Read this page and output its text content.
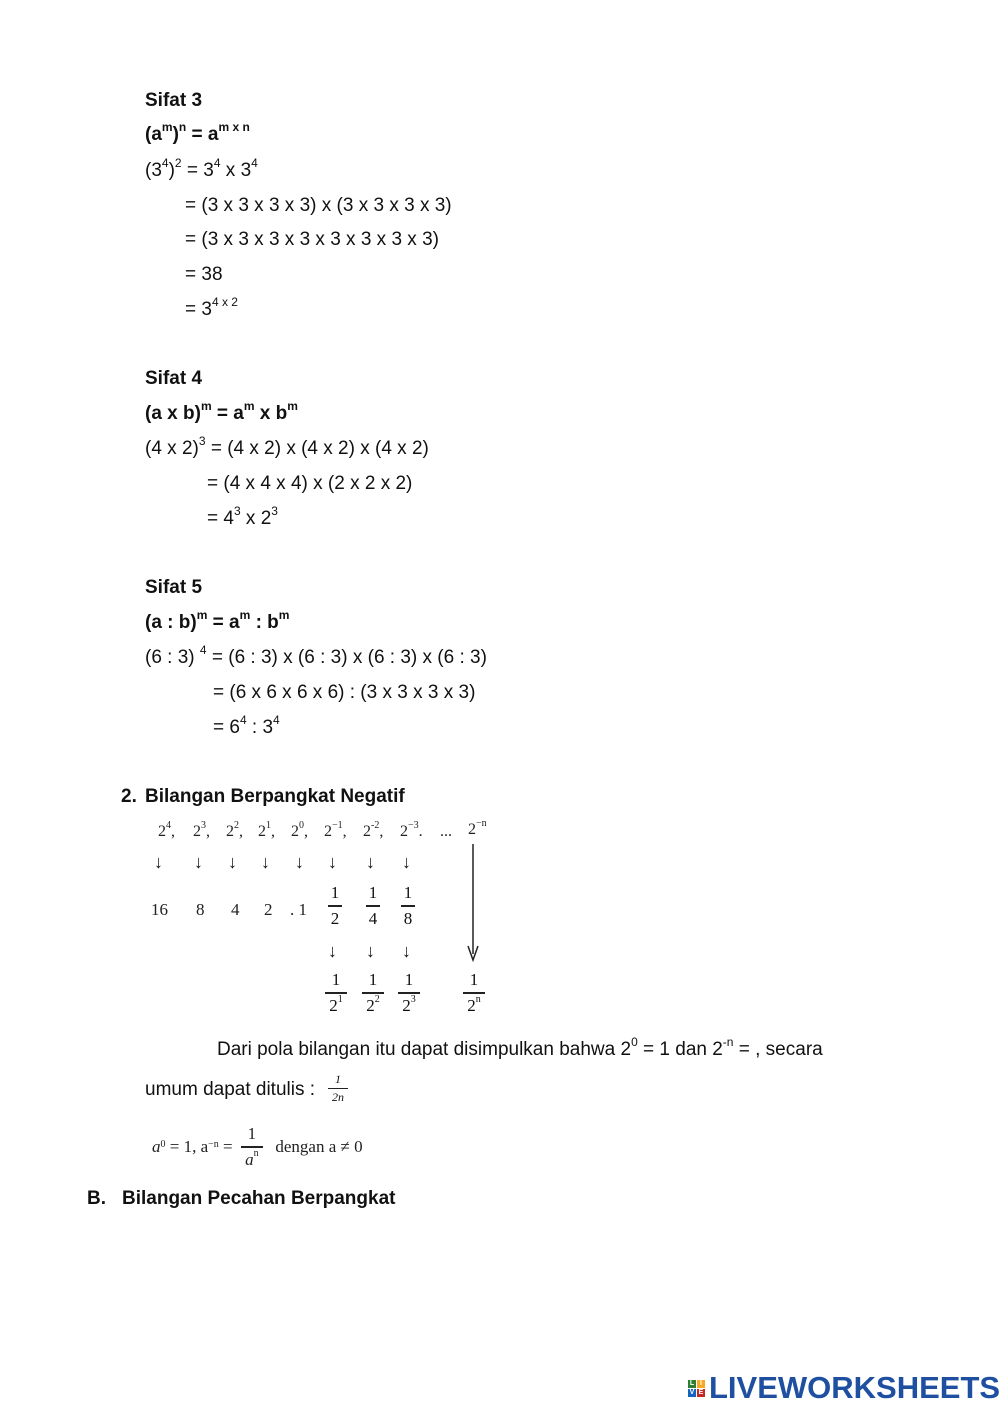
Sifat 3
$(a^m)^n = a^{m x n}$
$(3^4)^2 = 3^4$ x $3^4$
= (3 x 3 x 3 x 3) x (3 x 3 x 3 x 3)
= (3 x 3 x 3 x 3 x 3 x 3 x 3 x 3)
= 38
= $3^{4 x 2}$
Sifat 4
(a x $b)^m = a^m$ x $b^m$
(4 x 2)$^3$ = (4 x 2) x (4 x 2) x (4 x 2)
= (4 x 4 x 4) x (2 x 2 x 2)
= $4^3$ x $2^3$
Sifat 5
(a : $b)^m = a^m$ : $b^m$
(6 : 3) $^4$ = (6 : 3) x (6 : 3) x (6 : 3) x (6 : 3)
= (6 x 6 x 6 x 6) : (3 x 3 x 3 x 3)
= $6^4$ : $3^4$
2. Bilangan Berpangkat Negatif
$2^4$, $2^3$, $2^2$, $2^1$, $2^0$, $2^{-1}$, $2^{-2}$, $2^{-3}$. ... $2^{-n}$
↓ ↓ ↓ ↓ ↓ ↓ ↓ ↓
16 8 4 2 . 1
1
2
1
4
1
8
↓ ↓ ↓
1
$2^1$
1
$2^2$
1
$2^3$
1
2$^n$
Dari pola bilangan itu dapat disimpulkan bahwa $2^0 = 1$ dan $2^{-n}$ = , secara
umum dapat ditulis : 1
2n
$a^0 = 1$, $a^{-n}$ =
1
$a^n$ dengan a ≠ 0
B. Bilangan Pecahan Berpangkat
L I
V E LIVEWORKSHEETS
